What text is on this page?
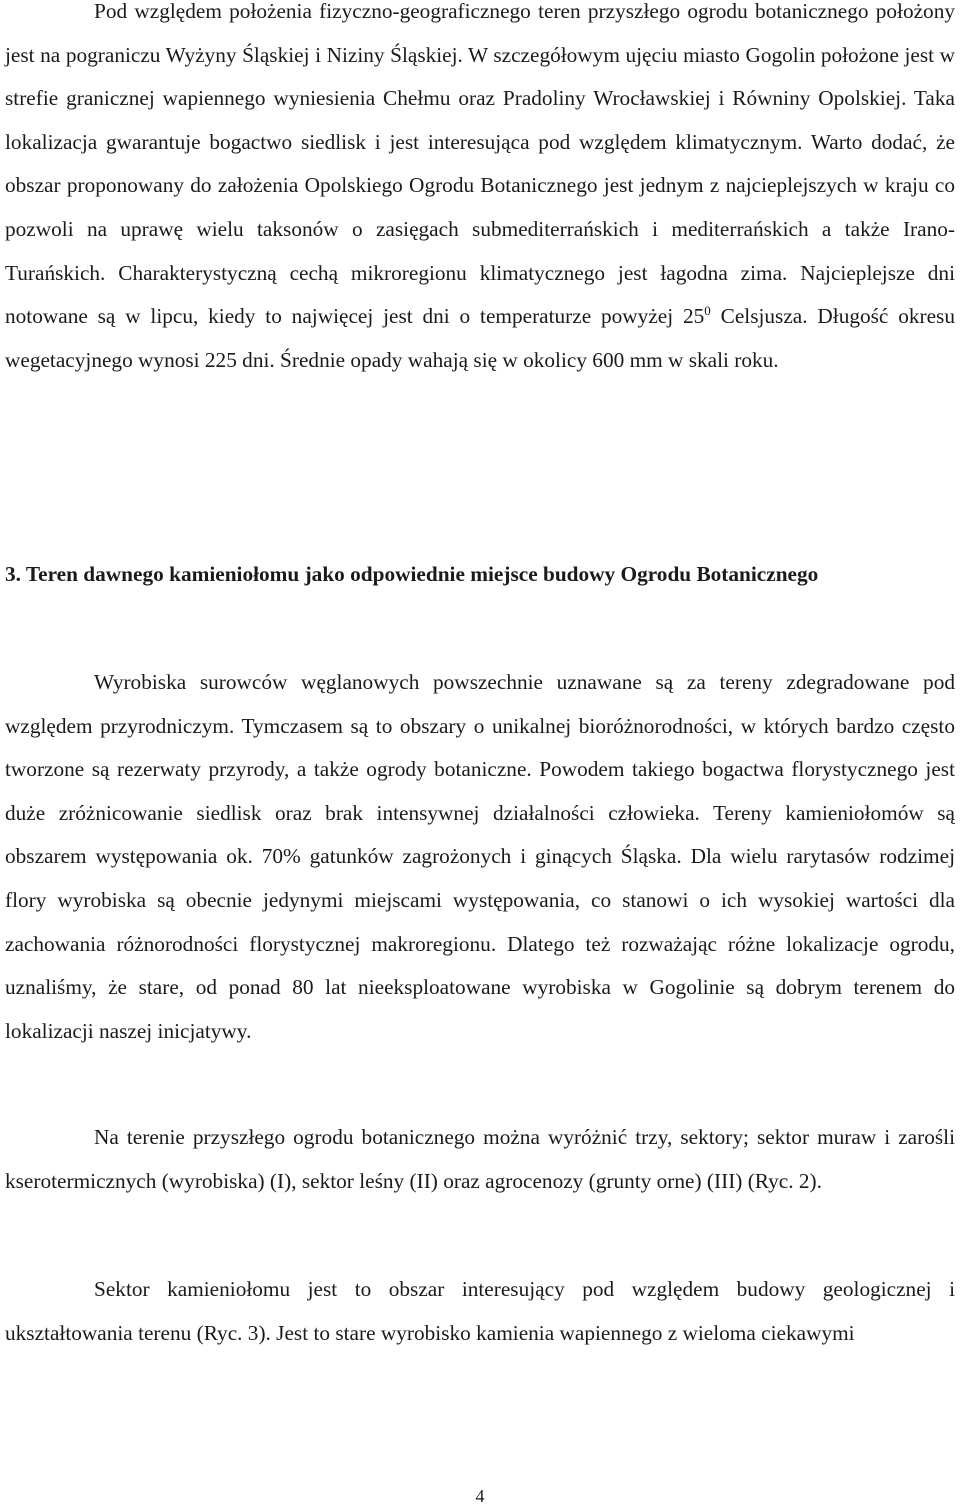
Pod względem położenia fizyczno-geograficznego teren przyszłego ogrodu botanicznego położony jest na pograniczu Wyżyny Śląskiej i Niziny Śląskiej. W szczegółowym ujęciu miasto Gogolin położone jest w strefie granicznej wapiennego wyniesienia Chełmu oraz Pradoliny Wrocławskiej i Równiny Opolskiej. Taka lokalizacja gwarantuje bogactwo siedlisk i jest interesująca pod względem klimatycznym. Warto dodać, że obszar proponowany do założenia Opolskiego Ogrodu Botanicznego jest jednym z najcieplejszych w kraju co pozwoli na uprawę wielu taksonów o zasięgach submediterrańskich i mediterrańskich a także Irano-Turańskich. Charakterystyczną cechą mikroregionu klimatycznego jest łagodna zima. Najcieplejsze dni notowane są w lipcu, kiedy to najwięcej jest dni o temperaturze powyżej $25^0$ Celsjusza. Długość okresu wegetacyjnego wynosi 225 dni. Średnie opady wahają się w okolicy 600 mm w skali roku.

3. Teren dawnego kamieniołomu jako odpowiednie miejsce budowy Ogrodu Botanicznego

Wyrobiska surowców węglanowych powszechnie uznawane są za tereny zdegradowane pod względem przyrodniczym. Tymczasem są to obszary o unikalnej bioróżnorodności, w których bardzo często tworzone są rezerwaty przyrody, a także ogrody botaniczne. Powodem takiego bogactwa florystycznego jest duże zróżnicowanie siedlisk oraz brak intensywnej działalności człowieka. Tereny kamieniołomów są obszarem występowania ok. 70% gatunków zagrożonych i ginących Śląska. Dla wielu rarytasów rodzimej flory wyrobiska są obecnie jedynymi miejscami występowania, co stanowi o ich wysokiej wartości dla zachowania różnorodności florystycznej makroregionu. Dlatego też rozważając różne lokalizacje ogrodu, uznaliśmy, że stare, od ponad 80 lat nieeksploatowane wyrobiska w Gogolinie są dobrym terenem do lokalizacji naszej inicjatywy.

Na terenie przyszłego ogrodu botanicznego można wyróżnić trzy, sektory; sektor muraw i zarośli kserotermicznych (wyrobiska) (I), sektor leśny (II) oraz agrocenozy (grunty orne) (III) (Ryc. 2).

Sektor kamieniołomu jest to obszar interesujący pod względem budowy geologicznej i ukształtowania terenu (Ryc. 3). Jest to stare wyrobisko kamienia wapiennego z wieloma ciekawymi

4
